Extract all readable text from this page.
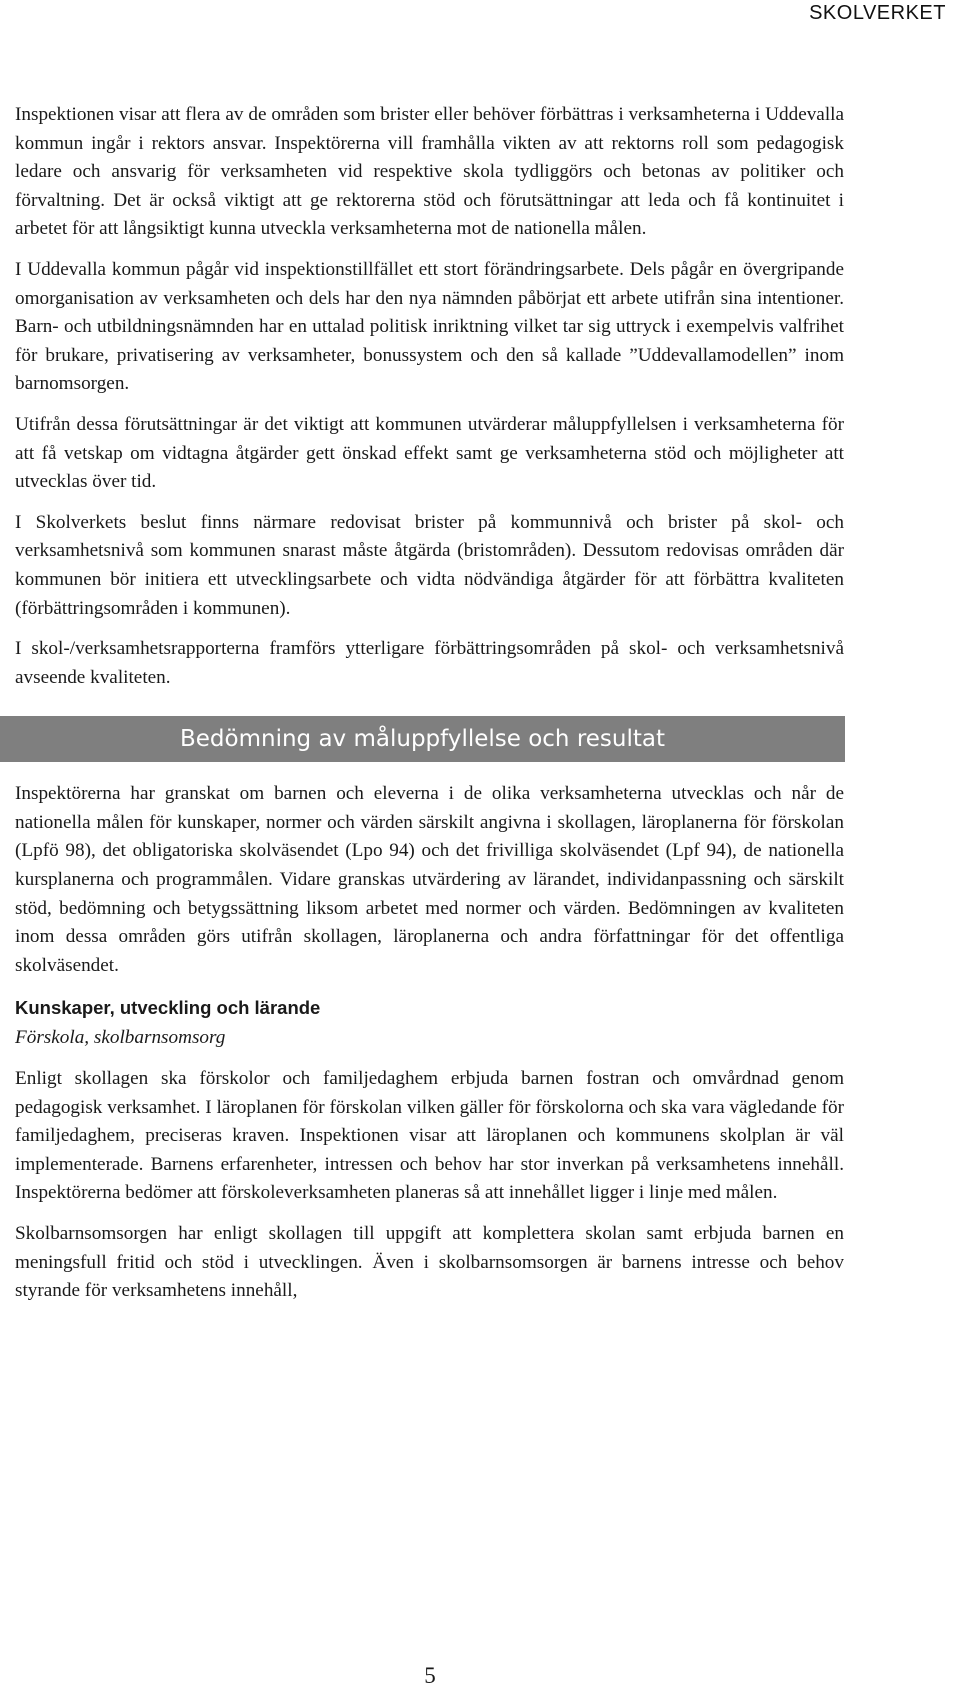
SKOLVERKET

Inspektionen visar att flera av de områden som brister eller behöver förbättras i verksamheterna i Uddevalla kommun ingår i rektors ansvar. Inspektörerna vill framhålla vikten av att rektorns roll som pedagogisk ledare och ansvarig för verksamheten vid respektive skola tydliggörs och betonas av politiker och förvaltning. Det är också viktigt att ge rektorerna stöd och förutsättningar att leda och få kontinuitet i arbetet för att långsiktigt kunna utveckla verksamheterna mot de nationella målen.

I Uddevalla kommun pågår vid inspektionstillfället ett stort förändringsarbete. Dels pågår en övergripande omorganisation av verksamheten och dels har den nya nämnden påbörjat ett arbete utifrån sina intentioner. Barn- och utbildningsnämnden har en uttalad politisk inriktning vilket tar sig uttryck i exempelvis valfrihet för brukare, privatisering av verksamheter, bonussystem och den så kallade ”Uddevallamodellen” inom barnomsorgen.

Utifrån dessa förutsättningar är det viktigt att kommunen utvärderar måluppfyllelsen i verksamheterna för att få vetskap om vidtagna åtgärder gett önskad effekt samt ge verksamheterna stöd och möjligheter att utvecklas över tid.

I Skolverkets beslut finns närmare redovisat brister på kommunnivå och brister på skol- och verksamhetsnivå som kommunen snarast måste åtgärda (bristområden). Dessutom redovisas områden där kommunen bör initiera ett utvecklingsarbete och vidta nödvändiga åtgärder för att förbättra kvaliteten (förbättringsområden i kommunen).

I skol-/verksamhetsrapporterna framförs ytterligare förbättringsområden på skol- och verksamhetsnivå avseende kvaliteten.

Bedömning av måluppfyllelse och resultat

Inspektörerna har granskat om barnen och eleverna i de olika verksamheterna utvecklas och når de nationella målen för kunskaper, normer och värden särskilt angivna i skollagen, läroplanerna för förskolan (Lpfö 98), det obligatoriska skolväsendet (Lpo 94) och det frivilliga skolväsendet (Lpf 94), de nationella kursplanerna och programmålen. Vidare granskas utvärdering av lärandet, individanpassning och särskilt stöd, bedömning och betygssättning liksom arbetet med normer och värden. Bedömningen av kvaliteten inom dessa områden görs utifrån skollagen, läroplanerna och andra författningar för det offentliga skolväsendet.

Kunskaper, utveckling och lärande
Förskola, skolbarnsomsorg

Enligt skollagen ska förskolor och familjedaghem erbjuda barnen fostran och omvårdnad genom pedagogisk verksamhet. I läroplanen för förskolan vilken gäller för förskolorna och ska vara vägledande för familjedaghem, preciseras kraven. Inspektionen visar att läroplanen och kommunens skolplan är väl implementerade. Barnens erfarenheter, intressen och behov har stor inverkan på verksamhetens innehåll. Inspektörerna bedömer att förskoleverksamheten planeras så att innehållet ligger i linje med målen.

Skolbarnsomsorgen har enligt skollagen till uppgift att komplettera skolan samt erbjuda barnen en meningsfull fritid och stöd i utvecklingen. Även i skolbarnsomsorgen är barnens intresse och behov styrande för verksamhetens innehåll,

5
